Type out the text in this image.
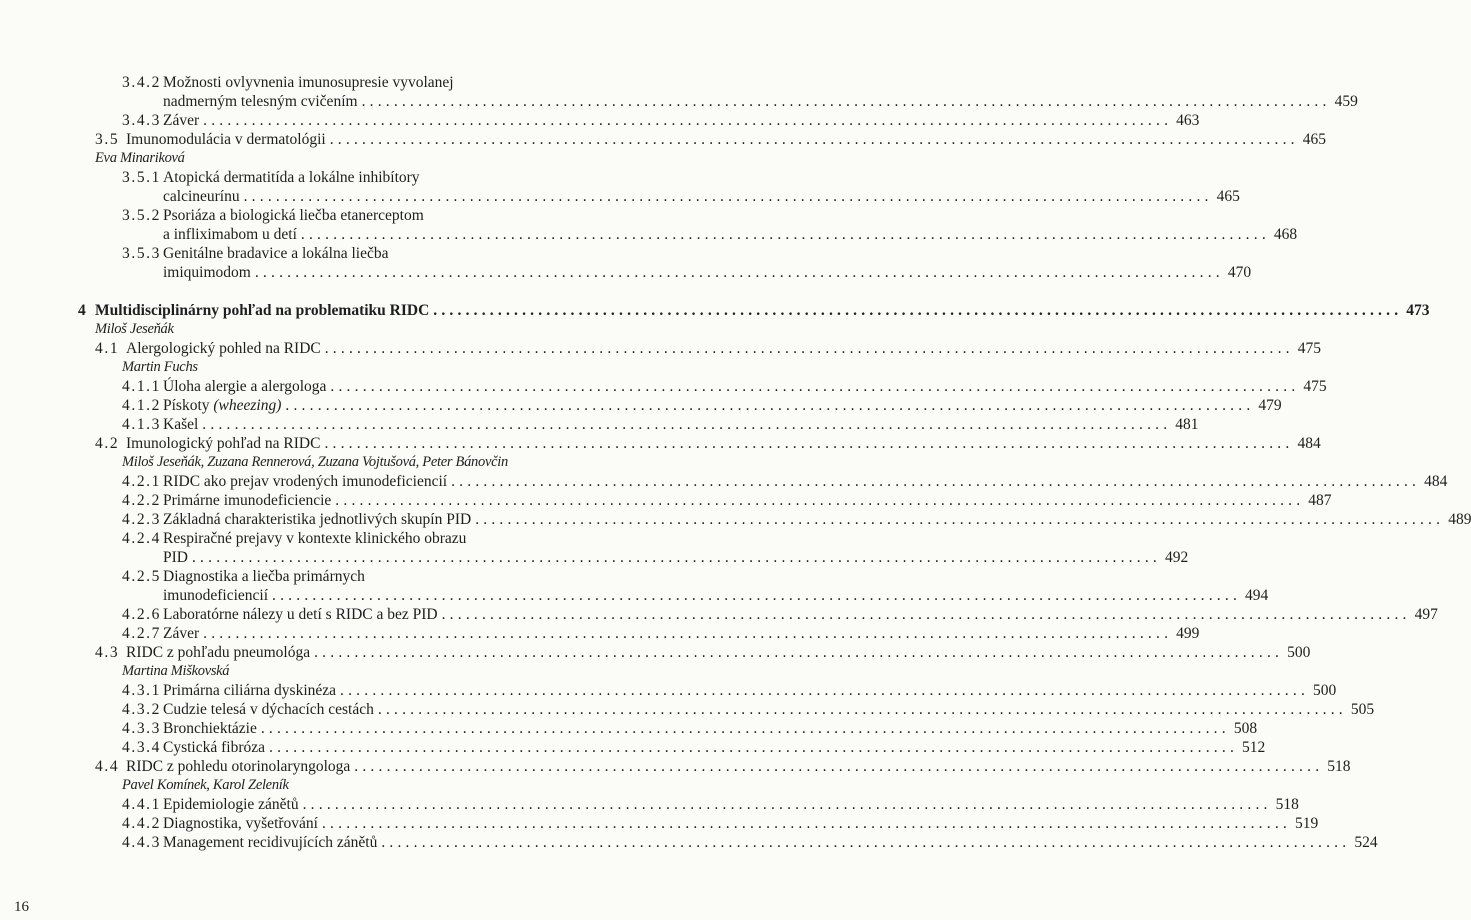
3.4.2 Možnosti ovlyvnenia imunosupresie vyvolanej
nadmerným telesným cvičením ........................................................................................................................ 459
3.4.3 Záver ........................................................................................................................ 463
3.5 Imunomodulácia v dermatológii ........................................................................................................................ 465
Eva Minariková
3.5.1 Atopická dermatitída a lokálne inhibítory
calcineurínu ........................................................................................................................ 465
3.5.2 Psoriáza a biologická liečba etanerceptom
a infliximabom u detí ........................................................................................................................ 468
3.5.3 Genitálne bradavice a lokálna liečba
imiquimodom ........................................................................................................................ 470
4 Multidisciplinárny pohľad na problematiku RIDC ........................................................................................................................ 473
Miloš Jeseňák
4.1 Alergologický pohled na RIDC ........................................................................................................................ 475
Martin Fuchs
4.1.1 Úloha alergie a alergologa ........................................................................................................................ 475
4.1.2 Pískoty (wheezing) ........................................................................................................................ 479
4.1.3 Kašel ........................................................................................................................ 481
4.2 Imunologický pohľad na RIDC ........................................................................................................................ 484
Miloš Jeseňák, Zuzana Rennerová, Zuzana Vojtušová, Peter Bánovčin
4.2.1 RIDC ako prejav vrodených imunodeficiencií ........................................................................................................................ 484
4.2.2 Primárne imunodeficiencie ........................................................................................................................ 487
4.2.3 Základná charakteristika jednotlivých skupín PID ........................................................................................................................ 489
4.2.4 Respiračné prejavy v kontexte klinického obrazu
PID ........................................................................................................................ 492
4.2.5 Diagnostika a liečba primárnych
imunodeficiencií ........................................................................................................................ 494
4.2.6 Laboratórne nálezy u detí s RIDC a bez PID ........................................................................................................................ 497
4.2.7 Záver ........................................................................................................................ 499
4.3 RIDC z pohľadu pneumológa ........................................................................................................................ 500
Martina Miškovská
4.3.1 Primárna ciliárna dyskinéza ........................................................................................................................ 500
4.3.2 Cudzie telesá v dýchacích cestách ........................................................................................................................ 505
4.3.3 Bronchiektázie ........................................................................................................................ 508
4.3.4 Cystická fibróza ........................................................................................................................ 512
4.4 RIDC z pohledu otorinolaryngologa ........................................................................................................................ 518
Pavel Komínek, Karol Zeleník
4.4.1 Epidemiologie zánětů ........................................................................................................................ 518
4.4.2 Diagnostika, vyšetřování ........................................................................................................................ 519
4.4.3 Management recidivujících zánětů ........................................................................................................................ 524
16
